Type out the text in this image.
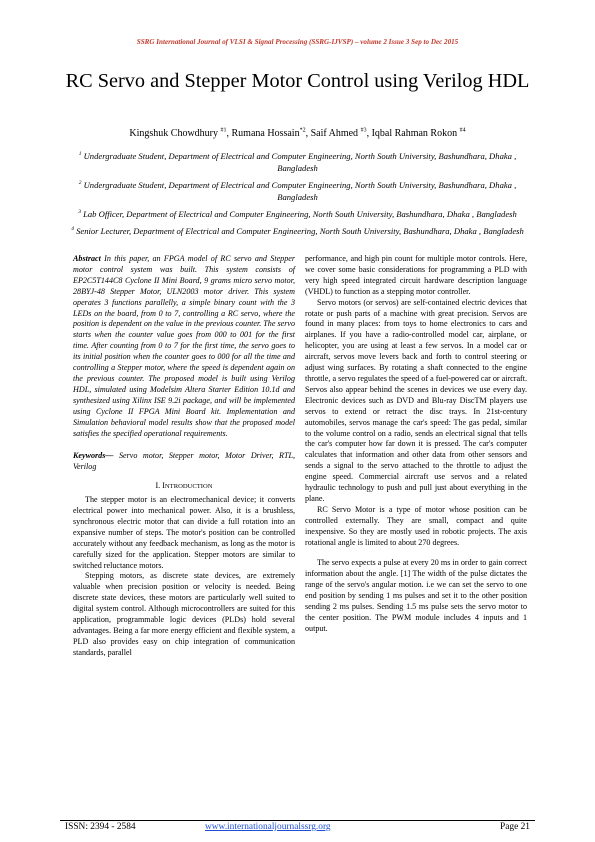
SSRG International Journal of VLSI & Signal Processing (SSRG-IJVSP) – volume 2 Issue 3 Sep to Dec 2015
RC Servo and Stepper Motor Control using Verilog HDL
Kingshuk Chowdhury $^{\#1}$, Rumana Hossain$^{*2}$, Saif Ahmed $^{\#3}$, Iqbal Rahman Rokon $^{\#4}$
$^1$ Undergraduate Student, Department of Electrical and Computer Engineering, North South University, Bashundhara, Dhaka , Bangladesh
$^2$ Undergraduate Student, Department of Electrical and Computer Engineering, North South University, Bashundhara, Dhaka , Bangladesh
$^3$ Lab Officer, Department of Electrical and Computer Engineering, North South University, Bashundhara, Dhaka , Bangladesh
$^4$ Senior Lecturer, Department of Electrical and Computer Engineering, North South University, Bashundhara, Dhaka , Bangladesh

Abstract In this paper, an FPGA model of RC servo and Stepper motor control system was built. This system consists of EP2C5T144C8 Cyclone II Mini Board, 9 grams micro servo motor, 28BYJ-48 Stepper Motor, ULN2003 motor driver. This system operates 3 functions parallelly, a simple binary count with the 3 LEDs on the board, from 0 to 7, controlling a RC servo, where the position is dependent on the value in the previous counter. The servo starts when the counter value goes from 000 to 001 for the first time. After counting from 0 to 7 for the first time, the servo goes to its initial position when the counter goes to 000 for all the time and controlling a Stepper motor, where the speed is dependent again on the previous counter. The proposed model is built using Verilog HDL, simulated using Modelsim Altera Starter Edition 10.1d and synthesized using Xilinx ISE 9.2i package, and will be implemented using Cyclone II FPGA Mini Board kit. Implementation and Simulation behavioral model results show that the proposed model satisfies the specified operational requirements.

Keywords— Servo motor, Stepper motor, Motor Driver, RTL, Verilog

I. INTRODUCTION

The stepper motor is an electromechanical device; it converts electrical power into mechanical power. Also, it is a brushless, synchronous electric motor that can divide a full rotation into an expansive number of steps. The motor's position can be controlled accurately without any feedback mechanism, as long as the motor is carefully sized for the application. Stepper motors are similar to switched reluctance motors.

Stepping motors, as discrete state devices, are extremely valuable when precision position or velocity is needed. Being discrete state devices, these motors are particularly well suited to digital system control. Although microcontrollers are suited for this application, programmable logic devices (PLDs) hold several advantages. Being a far more energy efficient and flexible system, a PLD also provides easy on chip integration of communication standards, parallel

performance, and high pin count for multiple motor controls. Here, we cover some basic considerations for programming a PLD with very high speed integrated circuit hardware description language (VHDL) to function as a stepping motor controller.

Servo motors (or servos) are self-contained electric devices that rotate or push parts of a machine with great precision. Servos are found in many places: from toys to home electronics to cars and airplanes. If you have a radio-controlled model car, airplane, or helicopter, you are using at least a few servos. In a model car or aircraft, servos move levers back and forth to control steering or adjust wing surfaces. By rotating a shaft connected to the engine throttle, a servo regulates the speed of a fuel-powered car or aircraft. Servos also appear behind the scenes in devices we use every day. Electronic devices such as DVD and Blu-ray DiscTM players use servos to extend or retract the disc trays. In 21st-century automobiles, servos manage the car's speed: The gas pedal, similar to the volume control on a radio, sends an electrical signal that tells the car's computer how far down it is pressed. The car's computer calculates that information and other data from other sensors and sends a signal to the servo attached to the throttle to adjust the engine speed. Commercial aircraft use servos and a related hydraulic technology to push and pull just about everything in the plane.

RC Servo Motor is a type of motor whose position can be controlled externally. They are small, compact and quite inexpensive. So they are mostly used in robotic projects. The axis rotational angle is limited to about 270 degrees.

The servo expects a pulse at every 20 ms in order to gain correct information about the angle. [1] The width of the pulse dictates the range of the servo's angular motion. i.e we can set the servo to one end position by sending 1 ms pulses and set it to the other position sending 2 ms pulses. Sending 1.5 ms pulse sets the servo motor to the center position. The PWM module includes 4 inputs and 1 output.

ISSN: 2394 - 2584	www.internationaljournalssrg.org	Page 21
